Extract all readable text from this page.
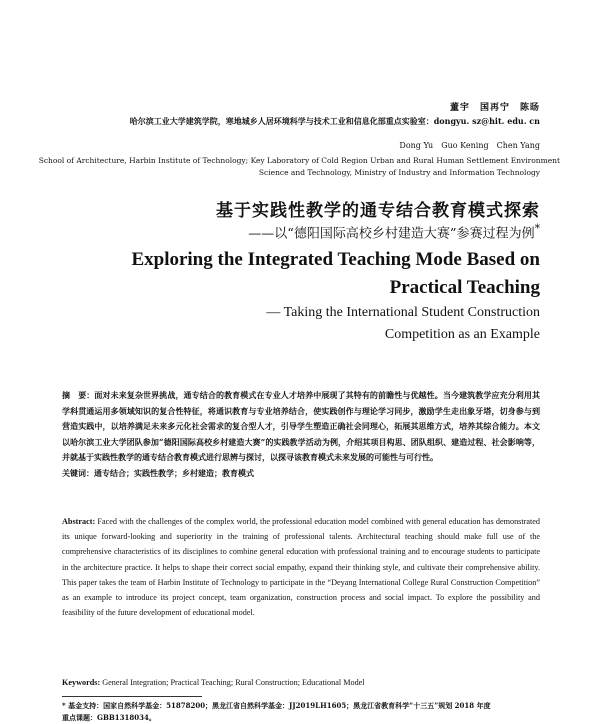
董宇　国再宁　陈旸
哈尔滨工业大学建筑学院，寒地城乡人居环境科学与技术工业和信息化部重点实验室：dongyu. sz@hit. edu. cn
Dong Yu　Guo Kening　Chen Yang
School of Architecture, Harbin Institute of Technology; Key Laboratory of Cold Region Urban and Rural Human Settlement Environment
Science and Technology, Ministry of Industry and Information Technology
基于实践性教学的通专结合教育模式探索
——以“德阳国际高校乡村建造大赛”参赛过程为例*
Exploring the Integrated Teaching Mode Based on
Practical Teaching
— Taking the International Student Construction
Competition as an Example
摘　要：面对未来复杂世界挑战，通专结合的教育模式在专业人才培养中展现了其特有的前瞻性与优越性。当今建筑教学应充分利用其学科贯通运用多领域知识的复合性特征，将通识教育与专业培养结合，使实践创作与理论学习同步，激励学生走出象牙塔，切身参与到营造实践中，以培养满足未来多元化社会需求的复合型人才，引导学生塑造正确社会同理心，拓展其思维方式，培养其综合能力。本文以哈尔滨工业大学团队参加“德阳国际高校乡村建造大赛”的实践教学活动为例，介绍其项目构思、团队组织、建造过程、社会影响等，并就基于实践性教学的通专结合教育模式进行思辨与探讨，以探寻该教育模式未来发展的可能性与可行性。
关键词：通专结合；实践性教学；乡村建造；教育模式
Abstract: Faced with the challenges of the complex world, the professional education model combined with general education has demonstrated its unique forward-looking and superiority in the training of professional talents. Architectural teaching should make full use of the comprehensive characteristics of its disciplines to combine general education with professional training and to encourage students to participate in the architecture practice. It helps to shape their correct social empathy, expand their thinking style, and cultivate their comprehensive ability. This paper takes the team of Harbin Institute of Technology to participate in the “Deyang International College Rural Construction Competition” as an example to introduce its project concept, team organization, construction process and social impact. To explore the possibility and feasibility of the future development of educational model.
Keywords: General Integration; Practical Teaching; Rural Construction; Educational Model
* 基金支持：国家自然科学基金：51878200；黑龙江省自然科学基金：JJ2019LH1605；黑龙江省教育科学“十三五”规划 2018 年度
重点课题：GBB1318034。
